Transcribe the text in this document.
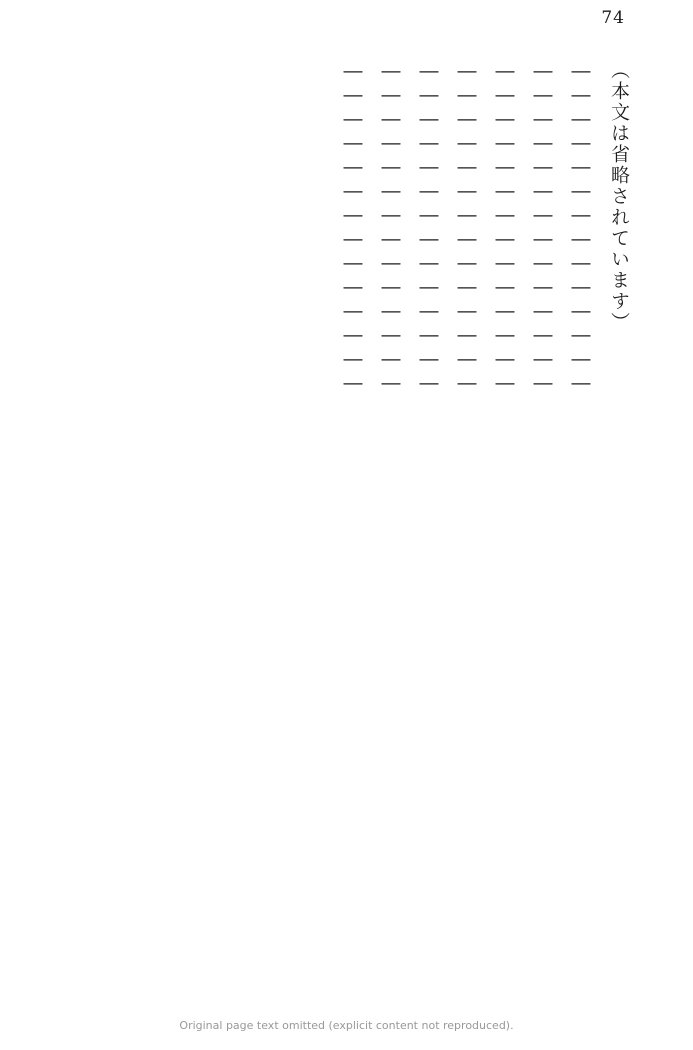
74

（本文は省略されています）

――――――――――――――

――――――――――――――

――――――――――――――

――――――――――――――

――――――――――――――

――――――――――――――

――――――――――――――

Original page text omitted (explicit content not reproduced).
